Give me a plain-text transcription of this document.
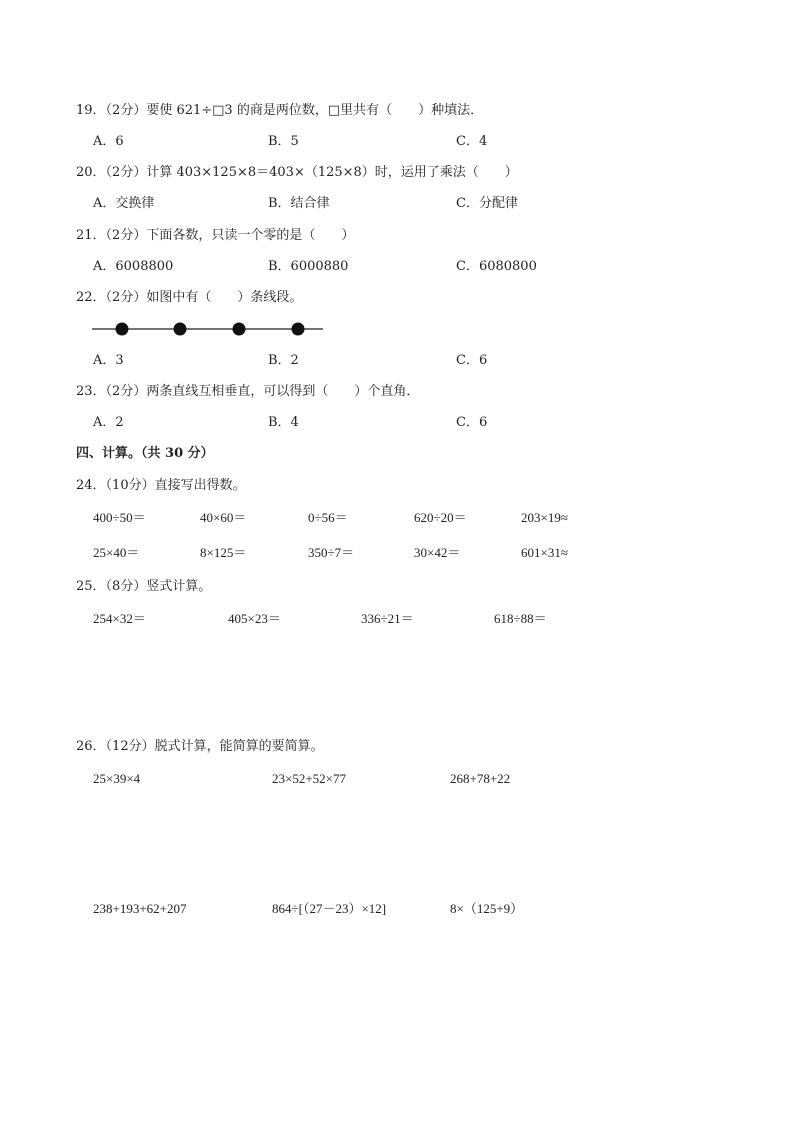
19．（2分）要使 621÷□3 的商是两位数，□里共有（　　）种填法．
A．6	B．5	C．4
20．（2分）计算 403×125×8＝403×（125×8）时，运用了乘法（　　）
A．交换律	B．结合律	C．分配律
21．（2分）下面各数，只读一个零的是（　　）
A．6008800	B．6000880	C．6080800
22．（2分）如图中有（　　）条线段。
A．3	B．2	C．6
23．（2分）两条直线互相垂直，可以得到（　　）个直角．
A．2	B．4	C．6
四、计算。（共 30 分）
24．（10分）直接写出得数。
400÷50＝	40×60＝	0÷56＝	620÷20＝	203×19≈
25×40＝	8×125＝	350÷7＝	30×42＝	601×31≈
25．（8分）竖式计算。
254×32＝	405×23＝	336÷21＝	618÷88＝
26．（12分）脱式计算，能简算的要简算。
25×39×4	23×52+52×77	268+78+22
238+193+62+207	864÷[（27－23）×12]	8×（125+9）
